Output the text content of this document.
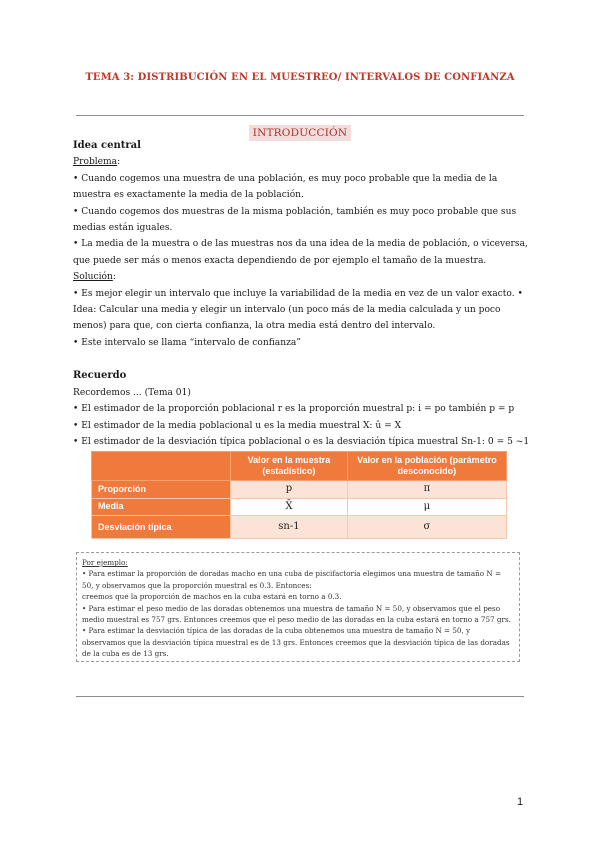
TEMA 3: DISTRIBUCIÓN EN EL MUESTREO/ INTERVALOS DE CONFIANZA
INTRODUCCIÓN

Idea central

Problema:

• Cuando cogemos una muestra de una población, es muy poco probable que la media de la muestra es exactamente la media de la población.

• Cuando cogemos dos muestras de la misma población, también es muy poco probable que sus medias están iguales.

• La media de la muestra o de las muestras nos da una idea de la media de población, o viceversa, que puede ser más o menos exacta dependiendo de por ejemplo el tamaño de la muestra.

Solución:

• Es mejor elegir un intervalo que incluye la variabilidad de la media en vez de un valor exacto. • Idea: Calcular una media y elegir un intervalo (un poco más de la media calculada y un poco menos) para que, con cierta confianza, la otra media está dentro del intervalo.

• Este intervalo se llama “intervalo de confianza”

Recuerdo

Recordemos ... (Tema 01)

• El estimador de la proporción poblacional r es la proporción muestral p: i = po también p = p

• El estimador de la media poblacional u es la media muestral X: û = X

• El estimador de la desviación típica poblacional o es la desviación típica muestral Sn-1: 0 = 5 ~1

	Valor en la muestra (estadístico)	Valor en la población (parámetro desconocido)
Proporción	p	π
Media	X̄	μ
Desviación típica	sn-1	σ

Por ejemplo:

• Para estimar la proporción de doradas macho en una cuba de piscifactoría elegimos una muestra de tamaño N = 50, y observamos que la proporción muestral es 0.3. Entonces:

creemos que la proporción de machos en la cuba estará en torno a 0.3.

• Para estimar el peso medio de las doradas obtenemos una muestra de tamaño N = 50, y observamos que el peso medio muestral es 757 grs. Entonces creemos que el peso medio de las doradas en la cuba estará en torno a 757 grs.

• Para estimar la desviación típica de las doradas de la cuba obtenemos una muestra de tamaño N = 50, y observamos que la desviación típica muestral es de 13 grs. Entonces creemos que la desviación típica de las doradas de la cuba es de 13 grs.

1
